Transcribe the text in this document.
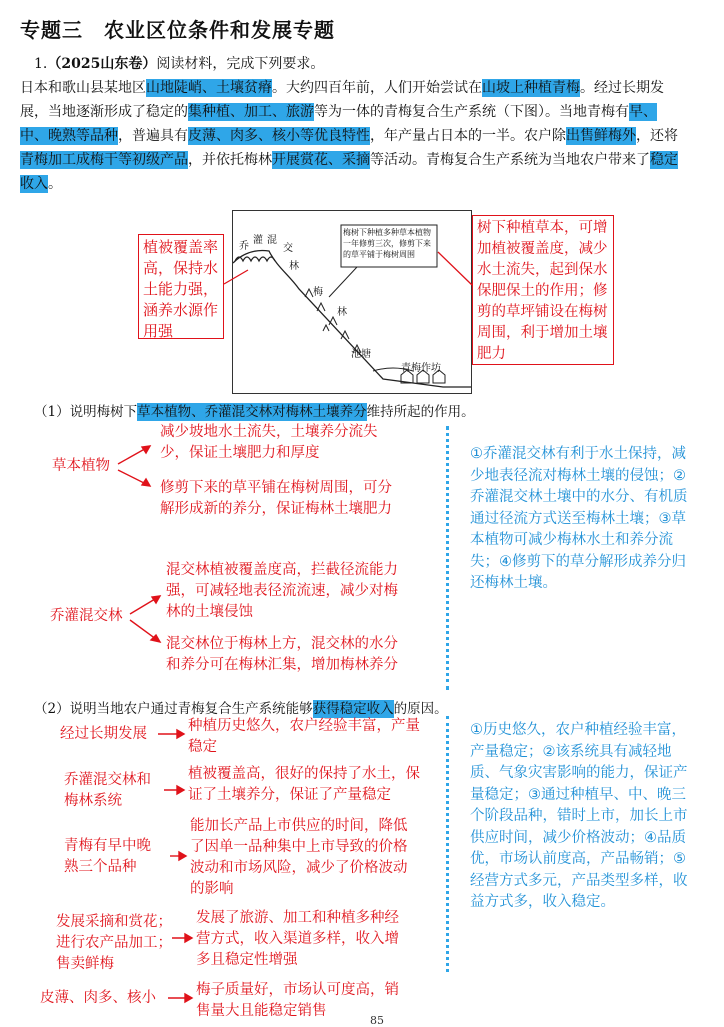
专题三　农业区位条件和发展专题
1.（2025山东卷）阅读材料，完成下列要求。
日本和歌山县某地区山地陡峭、土壤贫瘠。大约四百年前，人们开始尝试在山坡上种植青梅。经过长期发展，当地逐渐形成了稳定的集种植、加工、旅游等为一体的青梅复合生产系统（下图）。当地青梅有早、中、晚熟等品种，普遍具有皮薄、肉多、核小等优良特性，年产量占日本的一半。农户除出售鲜梅外，还将青梅加工成梅干等初级产品，并依托梅林开展赏花、采摘等活动。青梅复合生产系统为当地农户带来了稳定收入。
植被覆盖率高，保持水土能力强，涵养水源作用强
树下种植草本，可增加植被覆盖度，减少水土流失，起到保水保肥保土的作用；修剪的草坪铺设在梅树周围，利于增加土壤肥力
乔
灌 混
交
林
梅
林
梅树下种植多种草本植物一年修剪三次，修剪下来的草平铺于梅树周围
池塘
青梅作坊
（1）说明梅树下草本植物、乔灌混交林对梅林土壤养分维持所起的作用。
草本植物
减少坡地水土流失，土壤养分流失少，保证土壤肥力和厚度
修剪下来的草平铺在梅树周围，可分解形成新的养分，保证梅林土壤肥力
乔灌混交林
混交林植被覆盖度高，拦截径流能力强，可减轻地表径流流速，减少对梅林的土壤侵蚀
混交林位于梅林上方，混交林的水分和养分可在梅林汇集，增加梅林养分
①乔灌混交林有利于水土保持，减少地表径流对梅林土壤的侵蚀；②乔灌混交林土壤中的水分、有机质通过径流方式送至梅林土壤；③草本植物可减少梅林水土和养分流失；④修剪下的草分解形成养分归还梅林土壤。
（2）说明当地农户通过青梅复合生产系统能够获得稳定收入的原因。
经过长期发展	种植历史悠久，农户经验丰富，产量稳定
乔灌混交林和梅林系统
植被覆盖高，很好的保持了水土，保证了土壤养分，保证了产量稳定
青梅有早中晚熟三个品种
能加长产品上市供应的时间，降低了因单一品种集中上市导致的价格波动和市场风险，减少了价格波动的影响
发展采摘和赏花；进行农产品加工；售卖鲜梅
发展了旅游、加工和种植多种经营方式，收入渠道多样，收入增多且稳定性增强
皮薄、肉多、核小	梅子质量好，市场认可度高，销售量大且能稳定销售
①历史悠久，农户种植经验丰富，产量稳定；②该系统具有减轻地质、气象灾害影响的能力，保证产量稳定；③通过种植早、中、晚三个阶段品种，错时上市，加长上市供应时间，减少价格波动；④品质优，市场认前度高，产品畅销；⑤经营方式多元，产品类型多样，收益方式多，收入稳定。
85
